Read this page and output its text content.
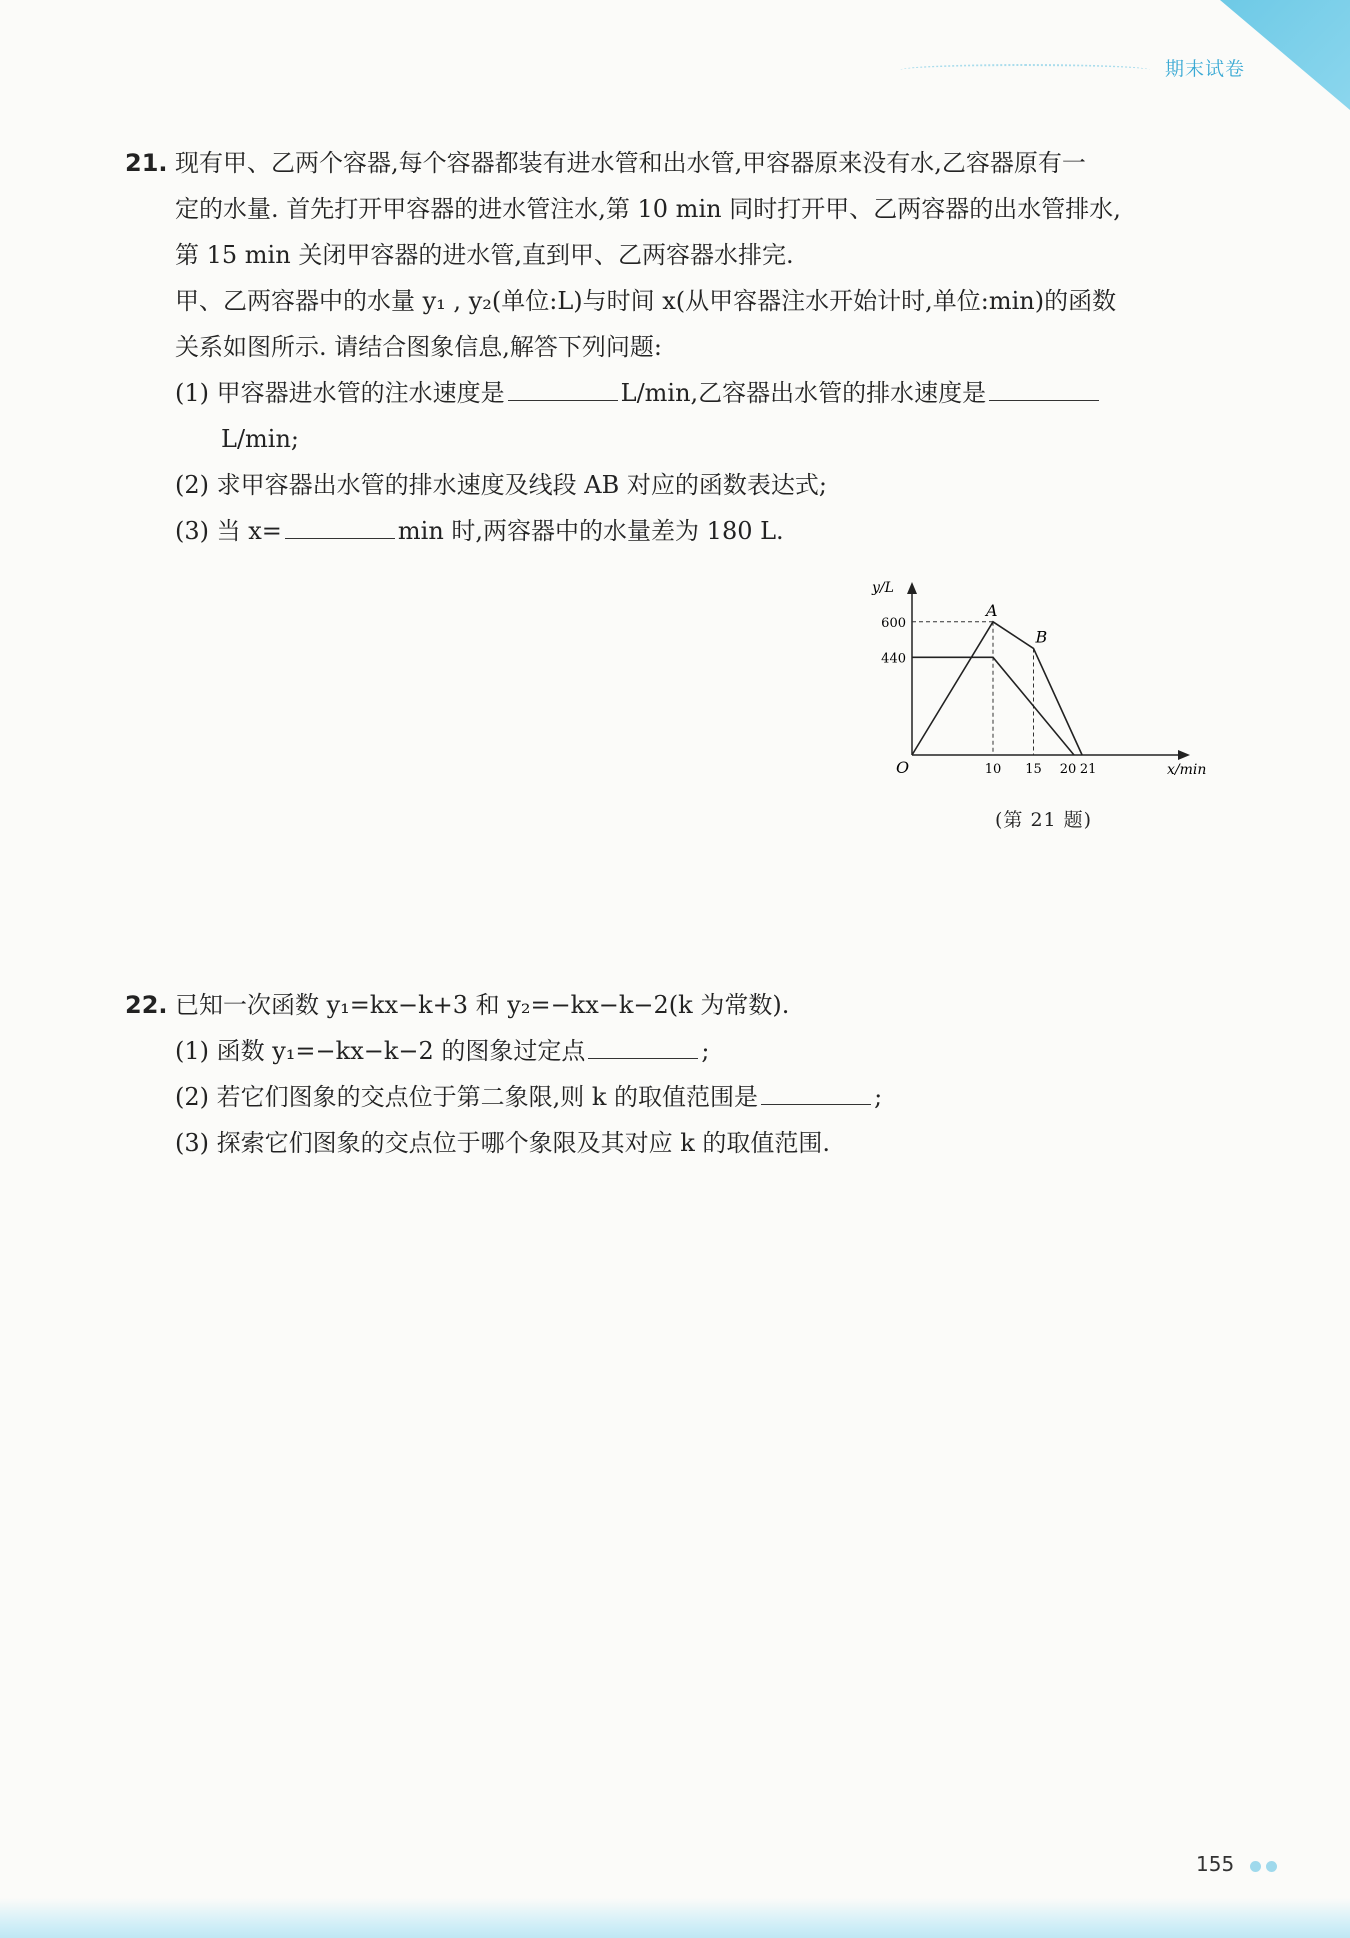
期末试卷
21. 现有甲、乙两个容器,每个容器都装有进水管和出水管,甲容器原来没有水,乙容器原有一

定的水量. 首先打开甲容器的进水管注水,第 10 min 同时打开甲、乙两容器的出水管排水,

第 15 min 关闭甲容器的进水管,直到甲、乙两容器水排完.

甲、乙两容器中的水量 y₁ , y₂(单位:L)与时间 x(从甲容器注水开始计时,单位:min)的函数

关系如图所示. 请结合图象信息,解答下列问题:

(1) 甲容器进水管的注水速度是	L/min,乙容器出水管的排水速度是

L/min;

(2) 求甲容器出水管的排水速度及线段 AB 对应的函数表达式;

(3) 当 x=	min 时,两容器中的水量差为 180 L.

y/L
x/min
O
A
B
600
440
10 15 20 21
(第 21 题)
22. 已知一次函数 y₁=kx−k+3 和 y₂=−kx−k−2(k 为常数).

(1) 函数 y₁=−kx−k−2 的图象过定点	;

(2) 若它们图象的交点位于第二象限,则 k 的取值范围是	;

(3) 探索它们图象的交点位于哪个象限及其对应 k 的取值范围.

155
